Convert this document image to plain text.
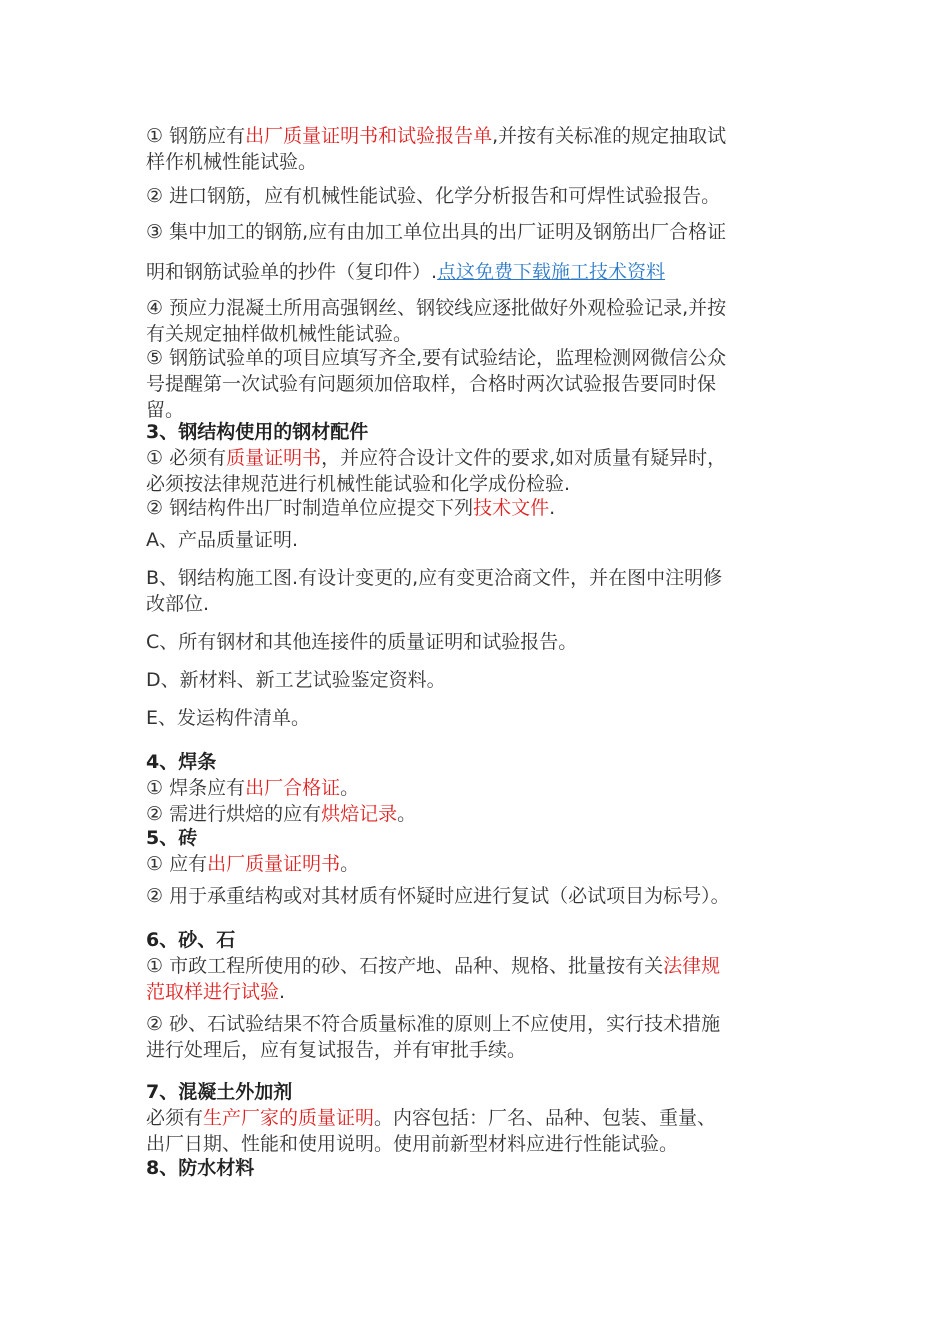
① 钢筋应有出厂质量证明书和试验报告单,并按有关标准的规定抽取试
样作机械性能试验。
② 进口钢筋，应有机械性能试验、化学分析报告和可焊性试验报告。
③ 集中加工的钢筋,应有由加工单位出具的出厂证明及钢筋出厂合格证
明和钢筋试验单的抄件（复印件）.点这免费下载施工技术资料
④ 预应力混凝土所用高强钢丝、钢铰线应逐批做好外观检验记录,并按
有关规定抽样做机械性能试验。
⑤ 钢筋试验单的项目应填写齐全,要有试验结论，监理检测网微信公众
号提醒第一次试验有问题须加倍取样，合格时两次试验报告要同时保
留。
3、钢结构使用的钢材配件
① 必须有质量证明书，并应符合设计文件的要求,如对质量有疑异时，
必须按法律规范进行机械性能试验和化学成份检验.
② 钢结构件出厂时制造单位应提交下列技术文件.
A、产品质量证明.
B、钢结构施工图.有设计变更的,应有变更洽商文件，并在图中注明修
改部位.
C、所有钢材和其他连接件的质量证明和试验报告。
D、新材料、新工艺试验鉴定资料。
E、发运构件清单。
4、焊条
① 焊条应有出厂合格证。
② 需进行烘焙的应有烘焙记录。
5、砖
① 应有出厂质量证明书。
② 用于承重结构或对其材质有怀疑时应进行复试（必试项目为标号）。
6、砂、石
① 市政工程所使用的砂、石按产地、品种、规格、批量按有关法律规
范取样进行试验.
② 砂、石试验结果不符合质量标准的原则上不应使用，实行技术措施
进行处理后，应有复试报告，并有审批手续。
7、混凝土外加剂
必须有生产厂家的质量证明。内容包括：厂名、品种、包装、重量、
出厂日期、性能和使用说明。使用前新型材料应进行性能试验。
8、防水材料
